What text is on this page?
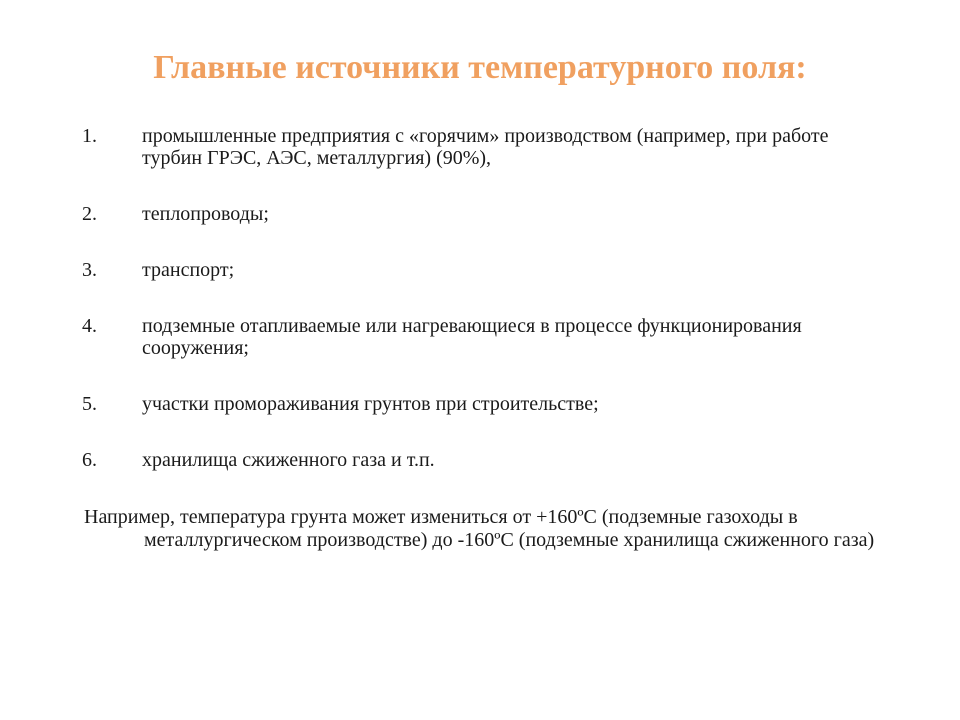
Главные источники температурного поля:
1.	промышленные предприятия с «горячим» производством (например, при работе турбин ГРЭС, АЭС, металлургия) (90%),
2.	теплопроводы;
3.	транспорт;
4.	подземные отапливаемые или нагревающиеся в процессе функционирования сооружения;
5.	участки промораживания грунтов при строительстве;
6.	хранилища сжиженного газа и т.п.
Например, температура грунта может измениться от +160ºС (подземные газоходы в металлургическом производстве) до -160ºС (подземные хранилища сжиженного газа)
